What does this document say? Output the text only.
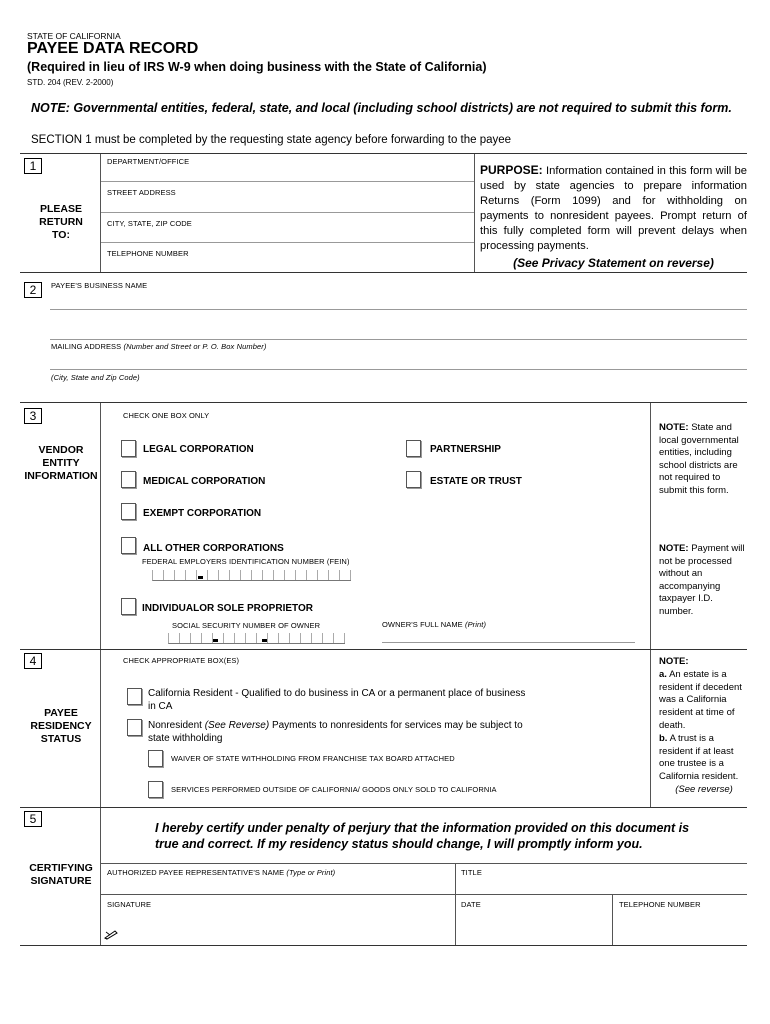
STATE OF CALIFORNIA
PAYEE DATA RECORD
(Required in lieu of IRS W-9 when doing business with the State of California)
STD. 204 (REV. 2-2000)
NOTE: Governmental entities, federal, state, and local (including school districts) are not required to submit this form.
SECTION 1 must be completed by the requesting state agency before forwarding to the payee
1
PLEASE
RETURN
TO:
DEPARTMENT/OFFICE
STREET ADDRESS
CITY, STATE, ZIP CODE
TELEPHONE NUMBER
PURPOSE: Information contained in this form will be used by state agencies to prepare information Returns (Form 1099) and for withholding on payments to nonresident payees. Prompt return of this fully completed form will prevent delays when processing payments.
(See Privacy Statement on reverse)
2	PAYEE'S BUSINESS NAME
MAILING ADDRESS (Number and Street or P. O. Box Number)
(City, State and Zip Code)
3
VENDOR
ENTITY
INFORMATION
CHECK ONE BOX ONLY
LEGAL CORPORATION	PARTNERSHIP
MEDICAL CORPORATION	ESTATE OR TRUST
EXEMPT CORPORATION
ALL OTHER CORPORATIONS
FEDERAL EMPLOYERS IDENTIFICATION NUMBER (FEIN)
INDIVIDUALOR SOLE PROPRIETOR
SOCIAL SECURITY NUMBER OF OWNER	OWNER'S FULL NAME (Print)
NOTE: State and local governmental entities, including school districts are not required to submit this form.
NOTE: Payment will not be processed without an accompanying taxpayer I.D. number.
4
PAYEE
RESIDENCY
STATUS
CHECK APPROPRIATE BOX(ES)
California Resident - Qualified to do business in CA or a permanent place of business in CA
Nonresident (See Reverse) Payments to nonresidents for services may be subject to state withholding
WAIVER OF STATE WITHHOLDING FROM FRANCHISE TAX BOARD ATTACHED
SERVICES PERFORMED OUTSIDE OF CALIFORNIA/ GOODS ONLY SOLD TO CALIFORNIA
NOTE:
a. An estate is a resident if decedent was a California resident at time of death.
b. A trust is a resident if at least one trustee is a California resident.
(See reverse)
5
I hereby certify under penalty of perjury that the information provided on this document is true and correct. If my residency status should change, I will promptly inform you.
CERTIFYING
SIGNATURE
AUTHORIZED PAYEE REPRESENTATIVE'S NAME (Type or Print)	TITLE
SIGNATURE	DATE	TELEPHONE NUMBER
